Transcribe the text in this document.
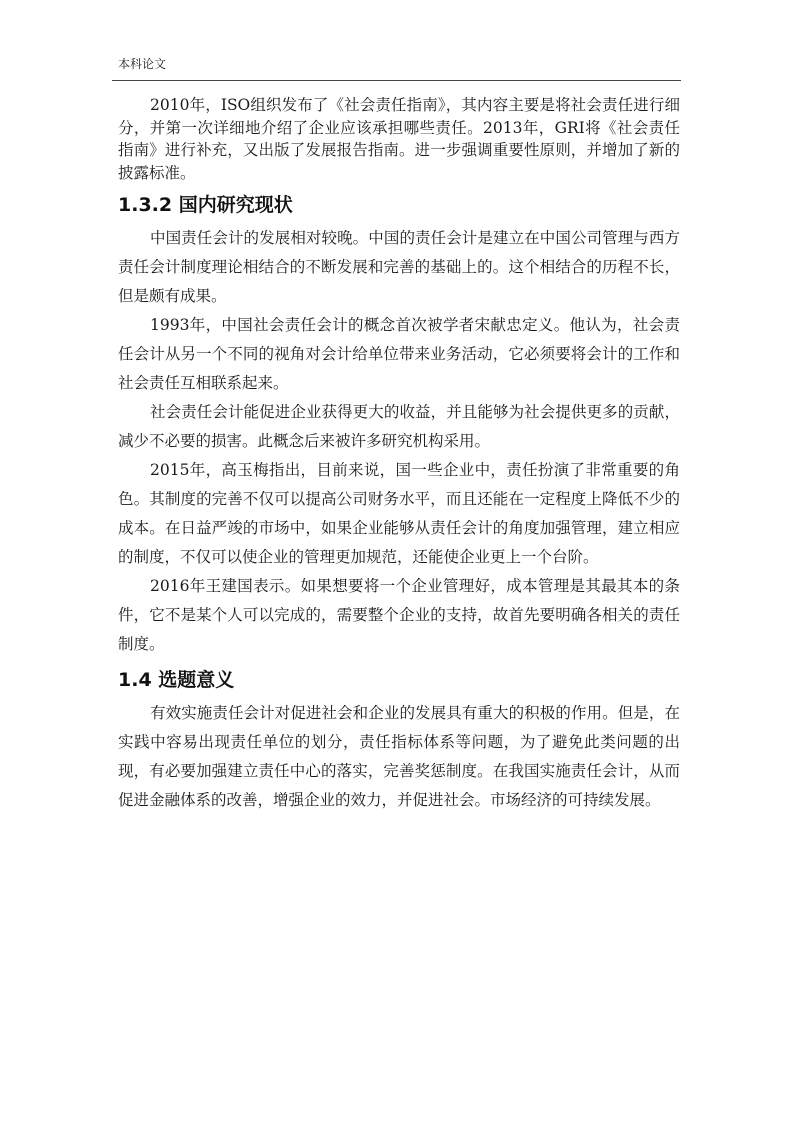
本科论文

2010年，ISO组织发布了《社会责任指南》，其内容主要是将社会责任进行细分，并第一次详细地介绍了企业应该承担哪些责任。2013年，GRI将《社会责任指南》进行补充，又出版了发展报告指南。进一步强调重要性原则，并增加了新的披露标准。

1.3.2 国内研究现状

中国责任会计的发展相对较晚。中国的责任会计是建立在中国公司管理与西方责任会计制度理论相结合的不断发展和完善的基础上的。这个相结合的历程不长，但是颇有成果。

1993年，中国社会责任会计的概念首次被学者宋献忠定义。他认为，社会责任会计从另一个不同的视角对会计给单位带来业务活动，它必须要将会计的工作和社会责任互相联系起来。

社会责任会计能促进企业获得更大的收益，并且能够为社会提供更多的贡献，减少不必要的损害。此概念后来被许多研究机构采用。

2015年，高玉梅指出，目前来说，国一些企业中，责任扮演了非常重要的角色。其制度的完善不仅可以提高公司财务水平，而且还能在一定程度上降低不少的成本。在日益严竣的市场中，如果企业能够从责任会计的角度加强管理，建立相应的制度，不仅可以使企业的管理更加规范，还能使企业更上一个台阶。

2016年王建国表示。如果想要将一个企业管理好，成本管理是其最其本的条件，它不是某个人可以完成的，需要整个企业的支持，故首先要明确各相关的责任制度。

1.4 选题意义

有效实施责任会计对促进社会和企业的发展具有重大的积极的作用。但是，在实践中容易出现责任单位的划分，责任指标体系等问题，为了避免此类问题的出现，有必要加强建立责任中心的落实，完善奖惩制度。在我国实施责任会计，从而促进金融体系的改善，增强企业的效力，并促进社会。市场经济的可持续发展。
